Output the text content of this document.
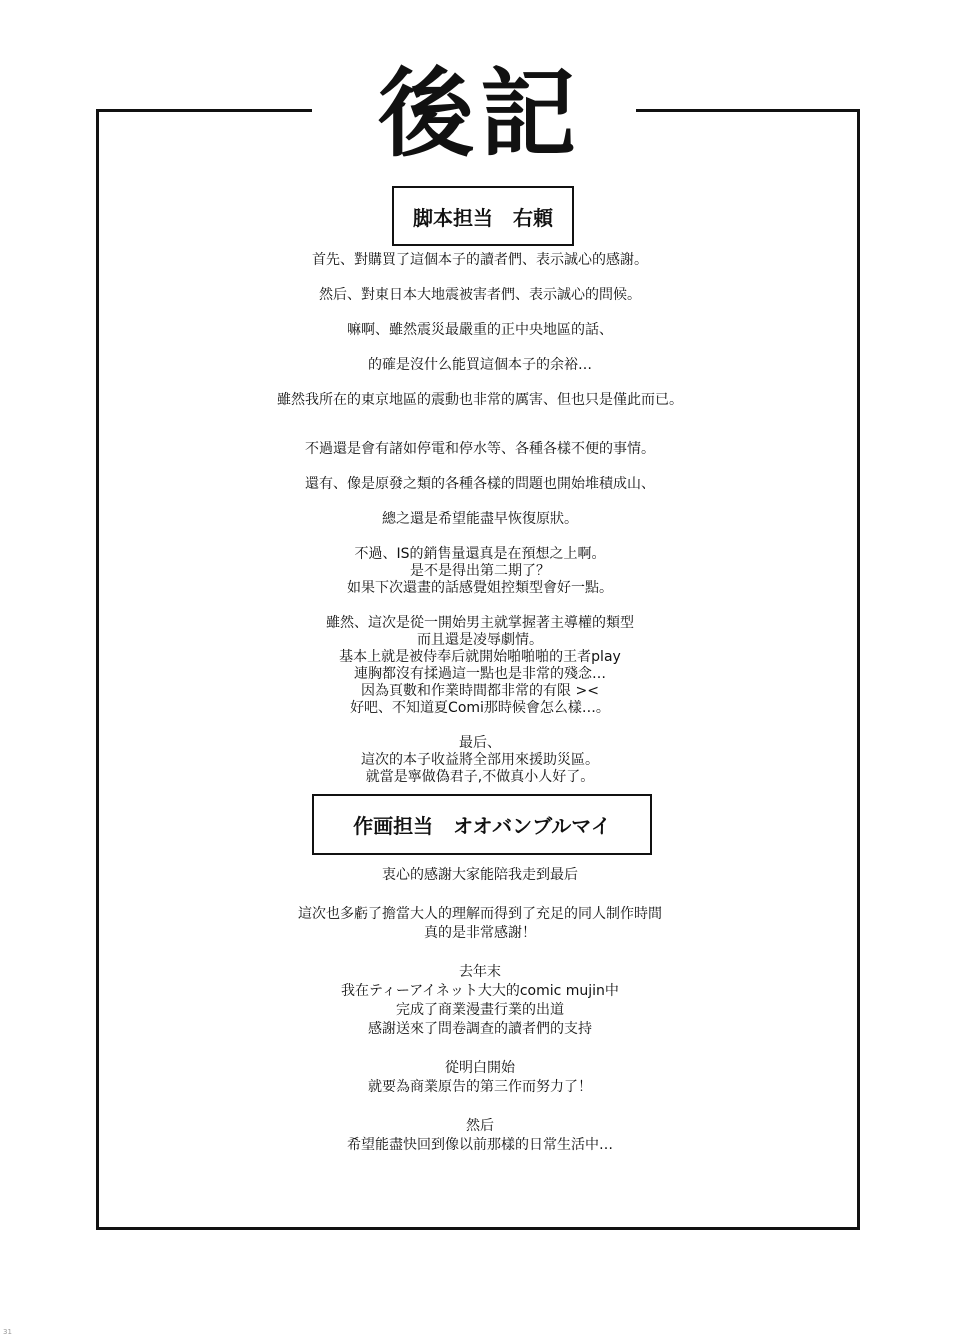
後記
脚本担当　右頼

首先、對購買了這個本子的讀者們、表示誠心的感謝。

然后、對東日本大地震被害者們、表示誠心的問候。

嘛啊、雖然震災最嚴重的正中央地區的話、

的確是沒什么能買這個本子的余裕…

雖然我所在的東京地區的震動也非常的厲害、但也只是僅此而已。

不過還是會有諸如停電和停水等、各種各樣不便的事情。

還有、像是原發之類的各種各樣的問題也開始堆積成山、

總之還是希望能盡早恢復原狀。

不過、IS的銷售量還真是在預想之上啊。

是不是得出第二期了？

如果下次還畫的話感覺姐控類型會好一點。

雖然、這次是從一開始男主就掌握著主導權的類型

而且還是凌辱劇情。

基本上就是被侍奉后就開始啪啪啪的王者play

連胸都沒有揉過這一點也是非常的殘念…

因為頁數和作業時間都非常的有限 ><

好吧、不知道夏Comi那時候會怎么樣…。

最后、

這次的本子收益將全部用來援助災區。

就當是寧做偽君子,不做真小人好了。

作画担当　オオバンブルマイ

衷心的感謝大家能陪我走到最后

這次也多虧了擔當大人的理解而得到了充足的同人制作時間

真的是非常感謝！

去年末

我在ティーアイネット大大的comic mujin中

完成了商業漫畫行業的出道

感謝送來了問卷調查的讀者們的支持

從明白開始

就要為商業原告的第三作而努力了！

然后

希望能盡快回到像以前那樣的日常生活中…

31
